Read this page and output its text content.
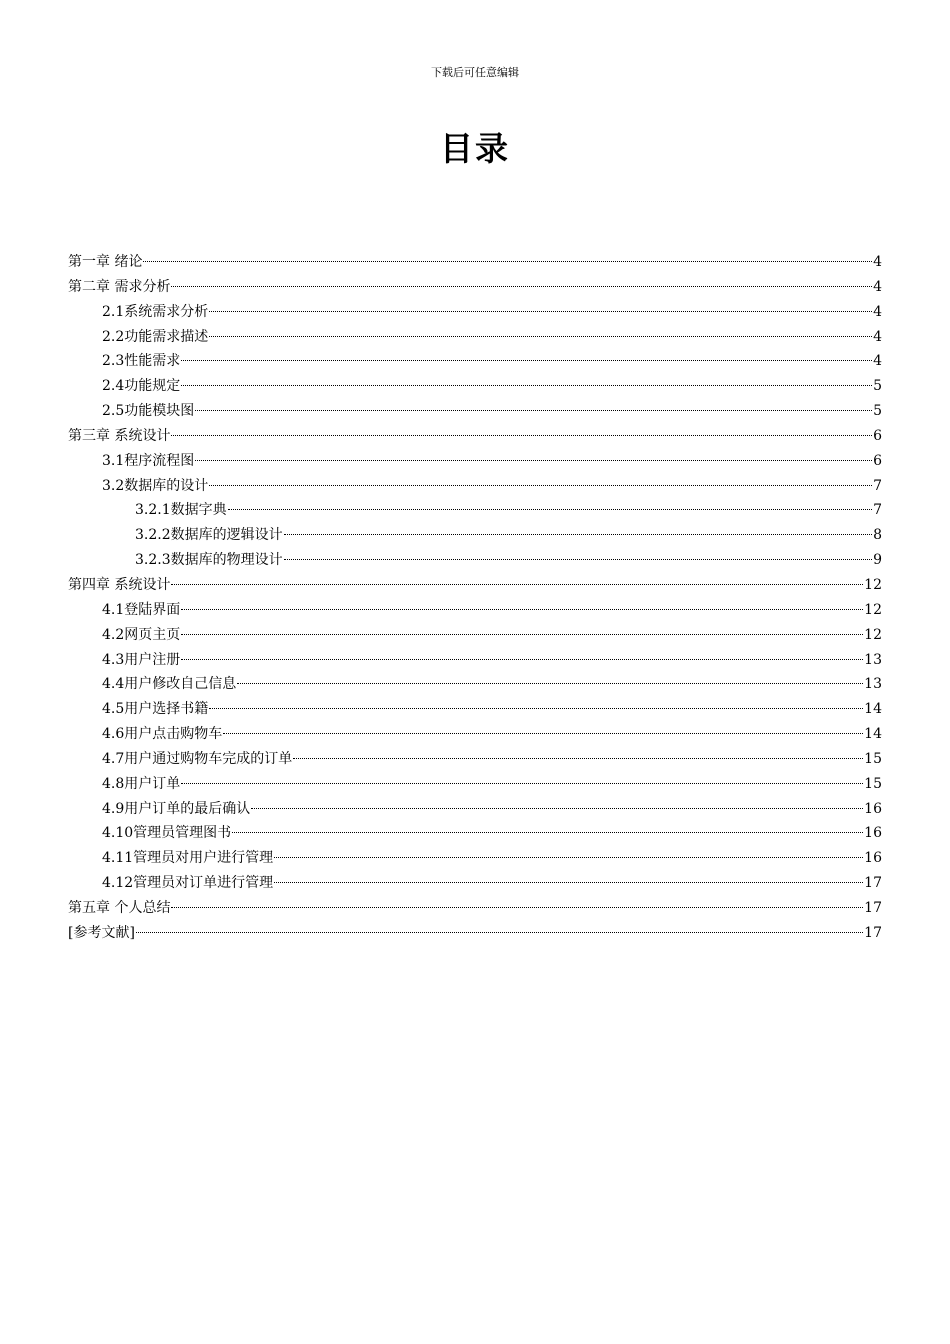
下载后可任意编辑
目录
第一章 绪论	4
第二章 需求分析	4
2.1系统需求分析	4
2.2功能需求描述	4
2.3性能需求	4
2.4功能规定	5
2.5功能模块图	5
第三章 系统设计	6
3.1程序流程图	6
3.2数据库的设计	7
3.2.1数据字典	7
3.2.2数据库的逻辑设计	8
3.2.3数据库的物理设计	9
第四章 系统设计	12
4.1登陆界面	12
4.2网页主页	12
4.3用户注册	13
4.4用户修改自己信息	13
4.5用户选择书籍	14
4.6用户点击购物车	14
4.7用户通过购物车完成的订单	15
4.8用户订单	15
4.9用户订单的最后确认	16
4.10管理员管理图书	16
4.11管理员对用户进行管理	16
4.12管理员对订单进行管理	17
第五章 个人总结	17
[参考文献]	17
